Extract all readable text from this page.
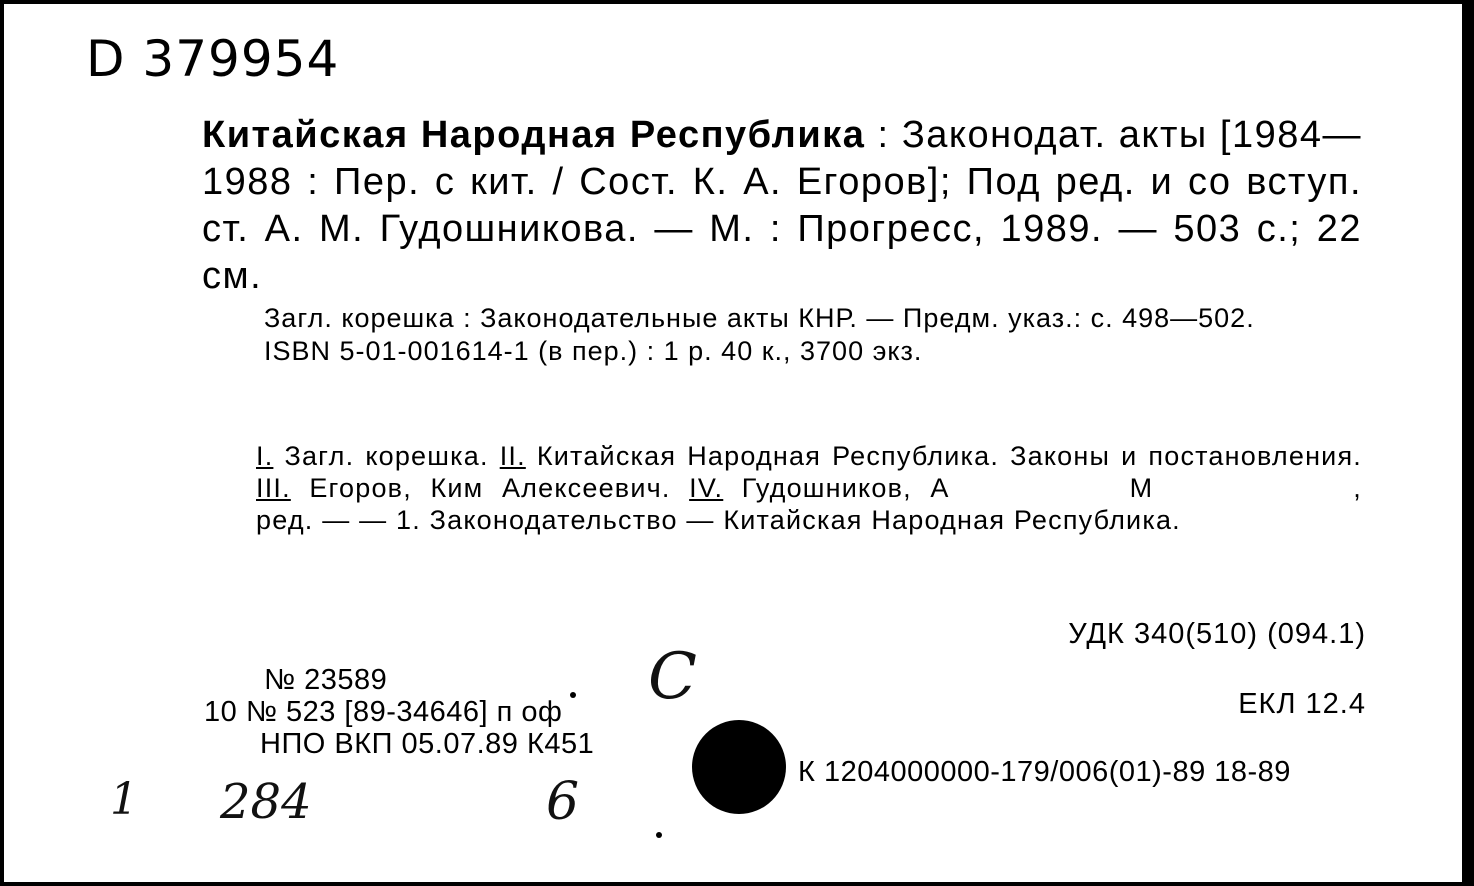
D 379954
Китайская Народная Республика : Законодат. акты [1984—1988 : Пер. с кит. / Сост. К. А. Егоров]; Под ред. и со вступ. ст. А. М. Гудошникова. — М. : Прогресс, 1989. — 503 с.; 22 см.
Загл. корешка : Законодательные акты КНР. — Предм. указ.: с. 498—502.
ISBN 5-01-001614-1 (в пер.) : 1 р. 40 к., 3700 экз.
I. Загл. корешка. II. Китайская Народная Республика. Законы и постановления. III. Егоров, Ким Алексеевич. IV. Гудошников, А	М	, ред. — — 1. Законодательство — Китайская Народная Республика.
УДК 340(510) (094.1)
ЕКЛ 12.4
№ 23589
10 № 523 [89-34646] п оф
НПО ВКП 05.07.89 К451
К 1204000000-179/006(01)-89 18-89
C
1 284	6
